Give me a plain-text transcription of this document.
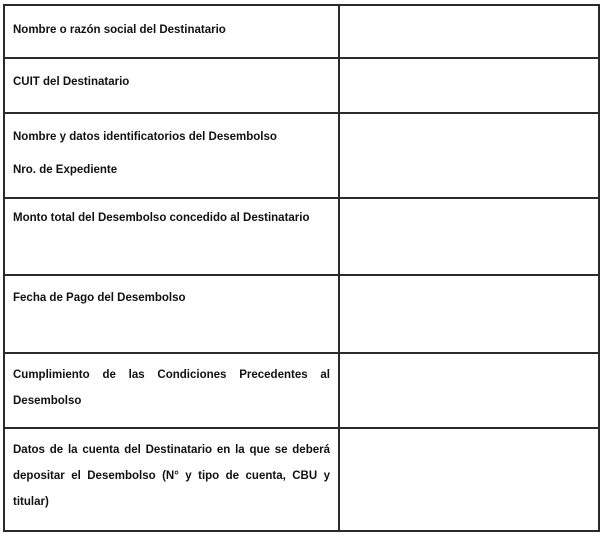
Nombre o razón social del Destinatario	

CUIT del Destinatario	

Nombre y datos identificatorios del Desembolso
Nro. de Expediente	

Monto total del Desembolso concedido al Destinatario	

Fecha de Pago del Desembolso	

Cumplimiento de las Condiciones Precedentes al Desembolso	

Datos de la cuenta del Destinatario en la que se deberá depositar el Desembolso (N° y tipo de cuenta, CBU y titular)	
